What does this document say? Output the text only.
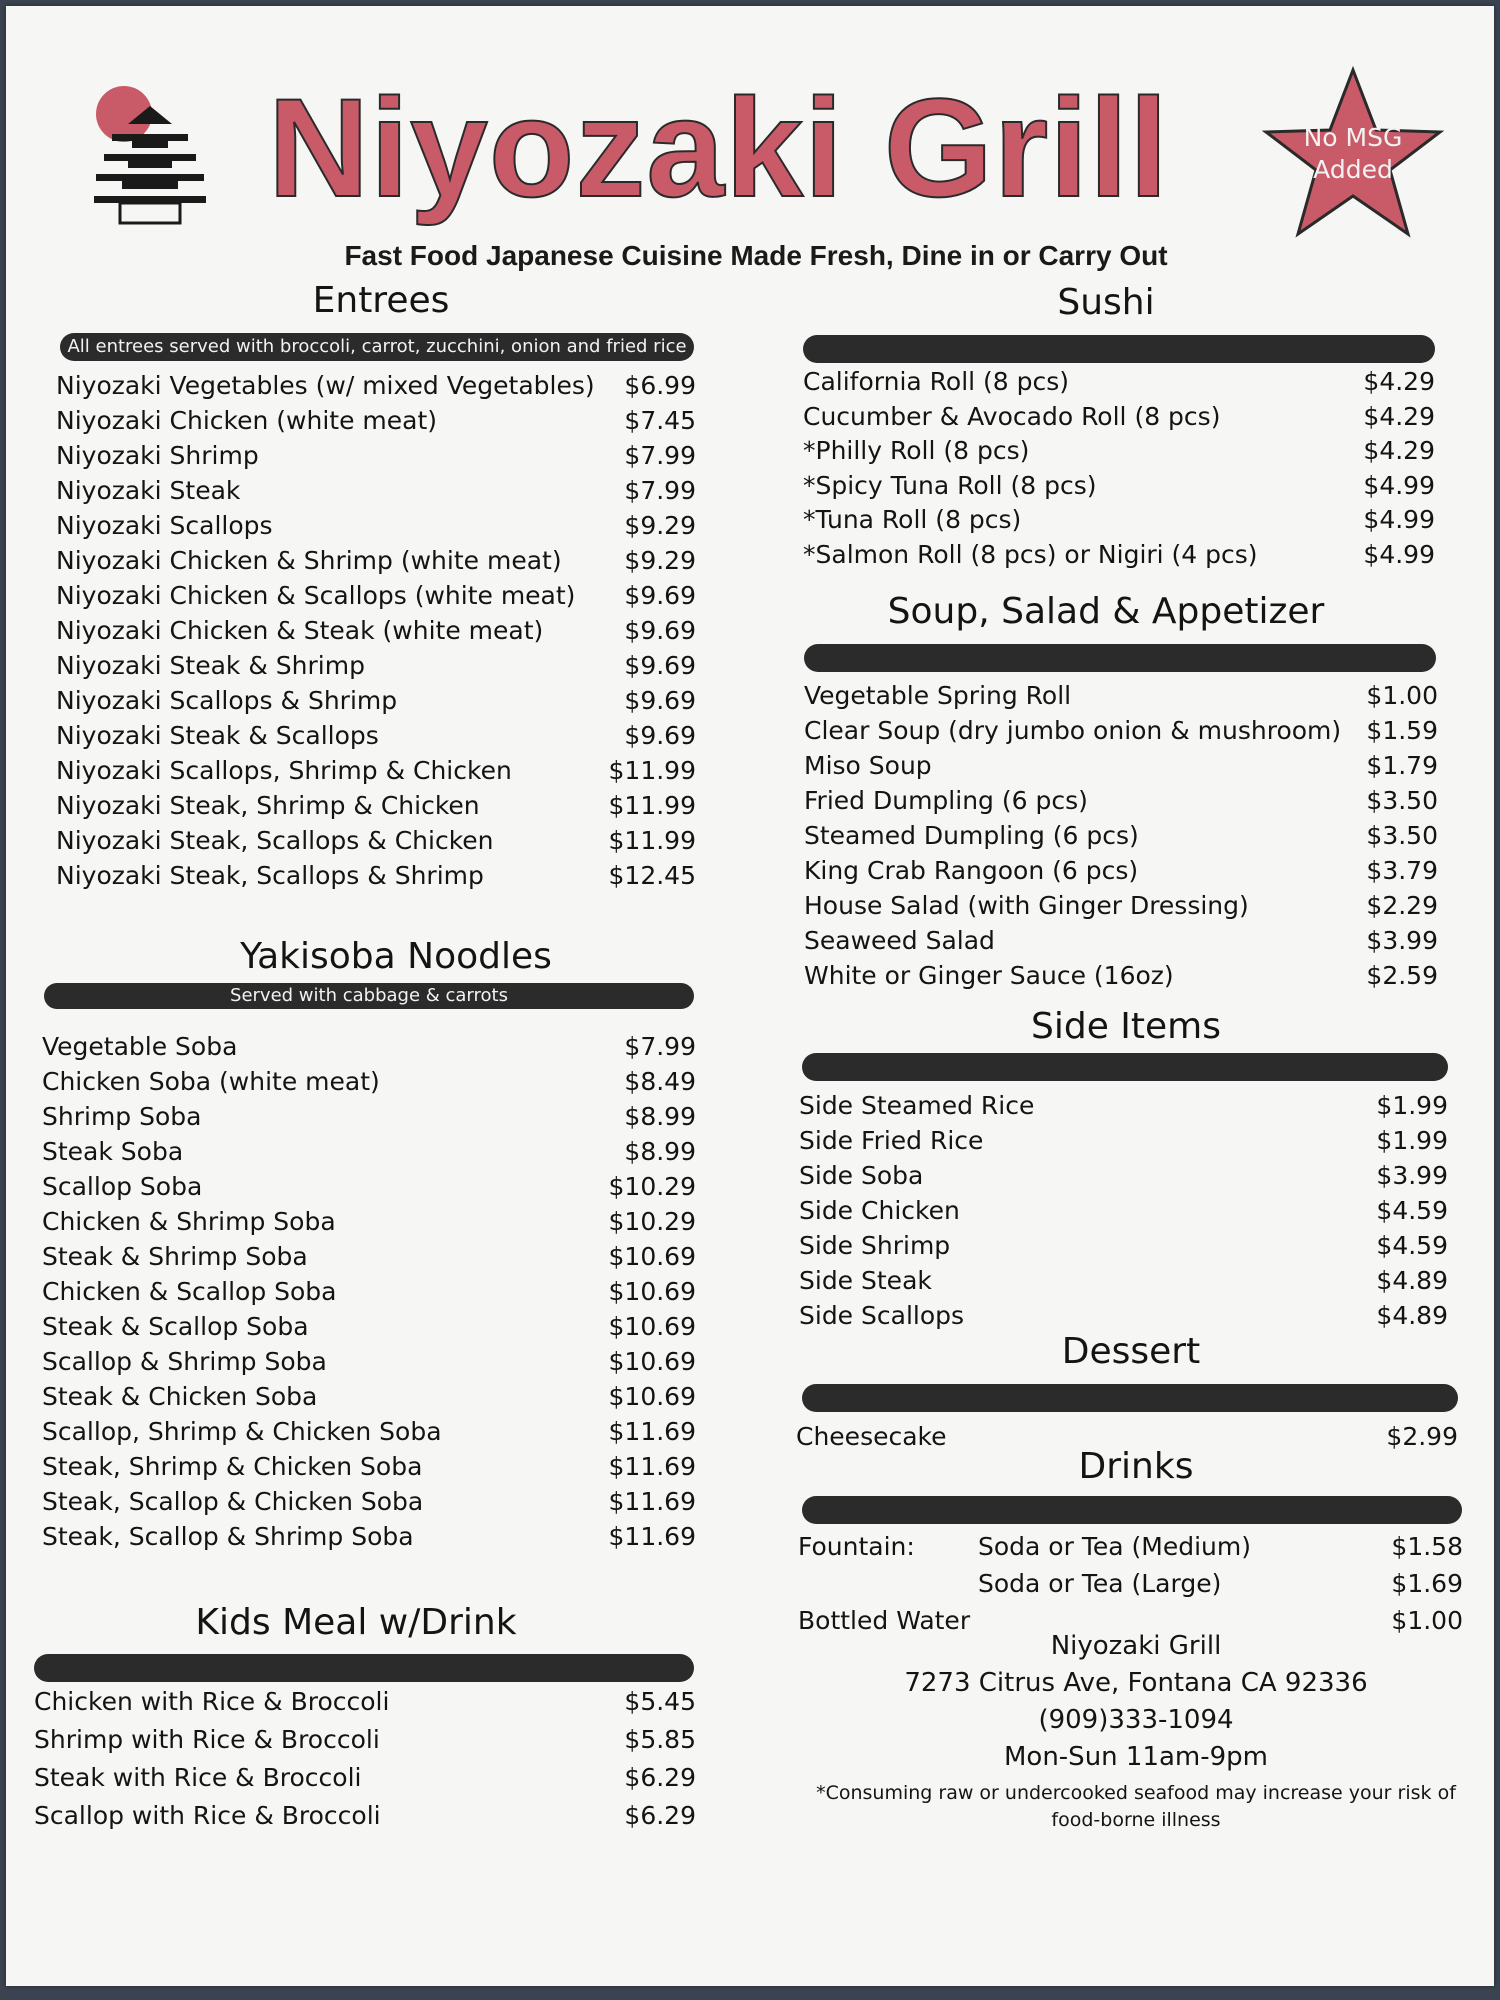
Niyozaki Grill	No MSG Added
Fast Food Japanese Cuisine Made Fresh, Dine in or Carry Out
Entrees
All entrees served with broccoli, carrot, zucchini, onion and fried rice
Niyozaki Vegetables (w/ mixed Vegetables) $6.99
Niyozaki Chicken (white meat)	$7.45
Niyozaki Shrimp	$7.99
Niyozaki Steak	$7.99
Niyozaki Scallops	$9.29
Niyozaki Chicken & Shrimp (white meat)	$9.29
Niyozaki Chicken & Scallops (white meat) $9.69
Niyozaki Chicken & Steak (white meat)	$9.69
Niyozaki Steak & Shrimp	$9.69
Niyozaki Scallops & Shrimp	$9.69
Niyozaki Steak & Scallops	$9.69
Niyozaki Scallops, Shrimp & Chicken	$11.99
Niyozaki Steak, Shrimp & Chicken	$11.99
Niyozaki Steak, Scallops & Chicken	$11.99
Niyozaki Steak, Scallops & Shrimp	$12.45
Yakisoba Noodles
Served with cabbage & carrots
Vegetable Soba	$7.99
Chicken Soba (white meat)	$8.49
Shrimp Soba	$8.99
Steak Soba	$8.99
Scallop Soba	$10.29
Chicken & Shrimp Soba	$10.29
Steak & Shrimp Soba	$10.69
Chicken & Scallop Soba	$10.69
Steak & Scallop Soba	$10.69
Scallop & Shrimp Soba	$10.69
Steak & Chicken Soba	$10.69
Scallop, Shrimp & Chicken Soba	$11.69
Steak, Shrimp & Chicken Soba	$11.69
Steak, Scallop & Chicken Soba	$11.69
Steak, Scallop & Shrimp Soba	$11.69
Kids Meal w/Drink
Chicken with Rice & Broccoli	$5.45
Shrimp with Rice & Broccoli	$5.85
Steak with Rice & Broccoli	$6.29
Scallop with Rice & Broccoli	$6.29
Sushi
California Roll (8 pcs)	$4.29
Cucumber & Avocado Roll (8 pcs)	$4.29
*Philly Roll (8 pcs)	$4.29
*Spicy Tuna Roll (8 pcs)	$4.99
*Tuna Roll (8 pcs)	$4.99
*Salmon Roll (8 pcs) or Nigiri (4 pcs)	$4.99
Soup, Salad & Appetizer
Vegetable Spring Roll	$1.00
Clear Soup (dry jumbo onion & mushroom) $1.59
Miso Soup	$1.79
Fried Dumpling (6 pcs)	$3.50
Steamed Dumpling (6 pcs)	$3.50
King Crab Rangoon (6 pcs)	$3.79
House Salad (with Ginger Dressing)	$2.29
Seaweed Salad	$3.99
White or Ginger Sauce (16oz)	$2.59
Side Items
Side Steamed Rice	$1.99
Side Fried Rice	$1.99
Side Soba	$3.99
Side Chicken	$4.59
Side Shrimp	$4.59
Side Steak	$4.89
Side Scallops	$4.89
Dessert
Cheesecake	$2.99
Drinks
Fountain:	Soda or Tea (Medium)	$1.58
Soda or Tea (Large)	$1.69
Bottled Water	$1.00
Niyozaki Grill
7273 Citrus Ave, Fontana CA 92336
(909)333-1094
Mon-Sun 11am-9pm
*Consuming raw or undercooked seafood may increase your risk of food-borne illness
